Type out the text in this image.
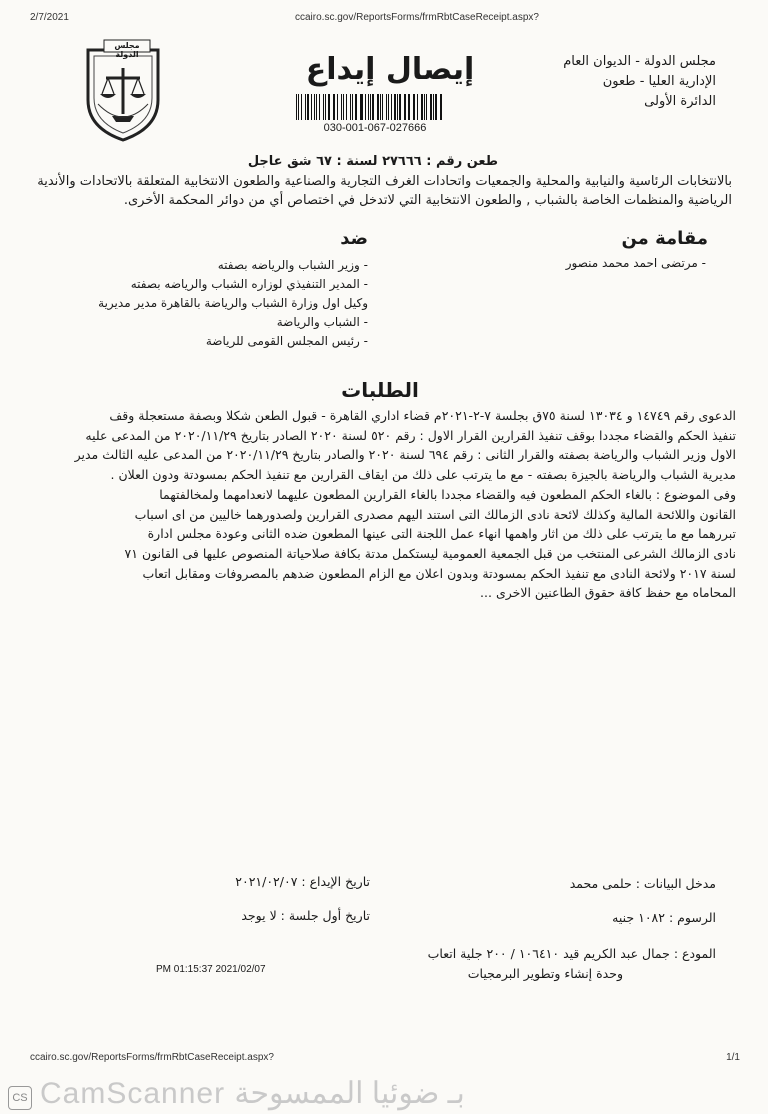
2/7/2021	ccairo.sc.gov/ReportsForms/frmRbtCaseReceipt.aspx?
مجلس الدولة - الديوان العام
الإدارية العليا - طعون
الدائرة الأولى
إيصال إيداع
030-001-067-027666
مجلس الدولة
طعن رقم : ٢٧٦٦٦ لسنة : ٦٧ شق عاجل
بالانتخابات الرئاسية والنيابية والمحلية والجمعيات واتحادات الغرف التجارية والصناعية والطعون الانتخابية المتعلقة بالاتحادات والأندية الرياضية والمنظمات الخاصة بالشباب , والطعون الانتخابية التي لاتدخل في اختصاص أي من دوائر المحكمة الأخرى.
مقامة من
- مرتضى احمد محمد منصور
ضد
- وزير الشباب والرياضه بصفته
- المدير التنفيذي لوزاره الشباب والرياضه بصفته
وكيل اول وزارة الشباب والرياضة بالقاهرة مدير مديرية
- الشباب والرياضة
- رئيس المجلس القومى للرياضة
الطلبات
الدعوى رقم ١٤٧٤٩ و ١٣٠٣٤ لسنة ٧٥ق بجلسة ٧-٢-٢٠٢١م قضاء اداري القاهرة - قبول الطعن شكلا وبصفة مستعجلة وقف
تنفيذ الحكم والقضاء مجددا بوقف تنفيذ القرارين القرار الاول : رقم ٥٢٠ لسنة ٢٠٢٠ الصادر بتاريخ ٢٠٢٠/١١/٢٩ من المدعى عليه
الاول وزير الشباب والرياضة بصفته والقرار الثانى : رقم ٦٩٤ لسنة ٢٠٢٠ والصادر بتاريخ ٢٠٢٠/١١/٢٩ من المدعى عليه الثالث مدير
مديرية الشباب والرياضة بالجيزة بصفته - مع ما يترتب على ذلك من ايقاف القرارين مع تنفيذ الحكم بمسودتة ودون العلان .
وفى الموضوع : بالغاء الحكم المطعون فيه والقضاء مجددا بالغاء القرارين المطعون عليهما لانعدامهما ولمخالفتهما
القانون واللائحة المالية وكذلك لائحة نادى الزمالك التى استند اليهم مصدرى القرارين ولصدورهما خاليين من اى اسباب
تبررهما مع ما يترتب على ذلك من اثار واهمها انهاء عمل اللجنة التى عينها المطعون ضده الثانى وعودة مجلس ادارة
نادى الزمالك الشرعى المنتخب من قبل الجمعية العمومية ليستكمل مدتة بكافة صلاحياتة المنصوص عليها فى القانون ٧١
لسنة ٢٠١٧ ولائحة النادى مع تنفيذ الحكم بمسودتة وبدون اعلان مع الزام المطعون ضدهم بالمصروفات ومقابل اتعاب
المحاماه مع حفظ كافة حقوق الطاعنين الاخرى ...
مدخل البيانات : حلمى محمد
تاريخ الإيداع : ٢٠٢١/٠٢/٠٧
الرسوم : ١٠٨٢ جنيه
تاريخ أول جلسة : لا يوجد
المودع : جمال عبد الكريم قيد ١٠٦٤١٠ / ٢٠٠ جلية اتعاب
وحدة إنشاء وتطوير البرمجيات
PM 01:15:37 2021/02/07
ccairo.sc.gov/ReportsForms/frmRbtCaseReceipt.aspx?	1/1
CS CamScanner بـ ضوئيا الممسوحة
